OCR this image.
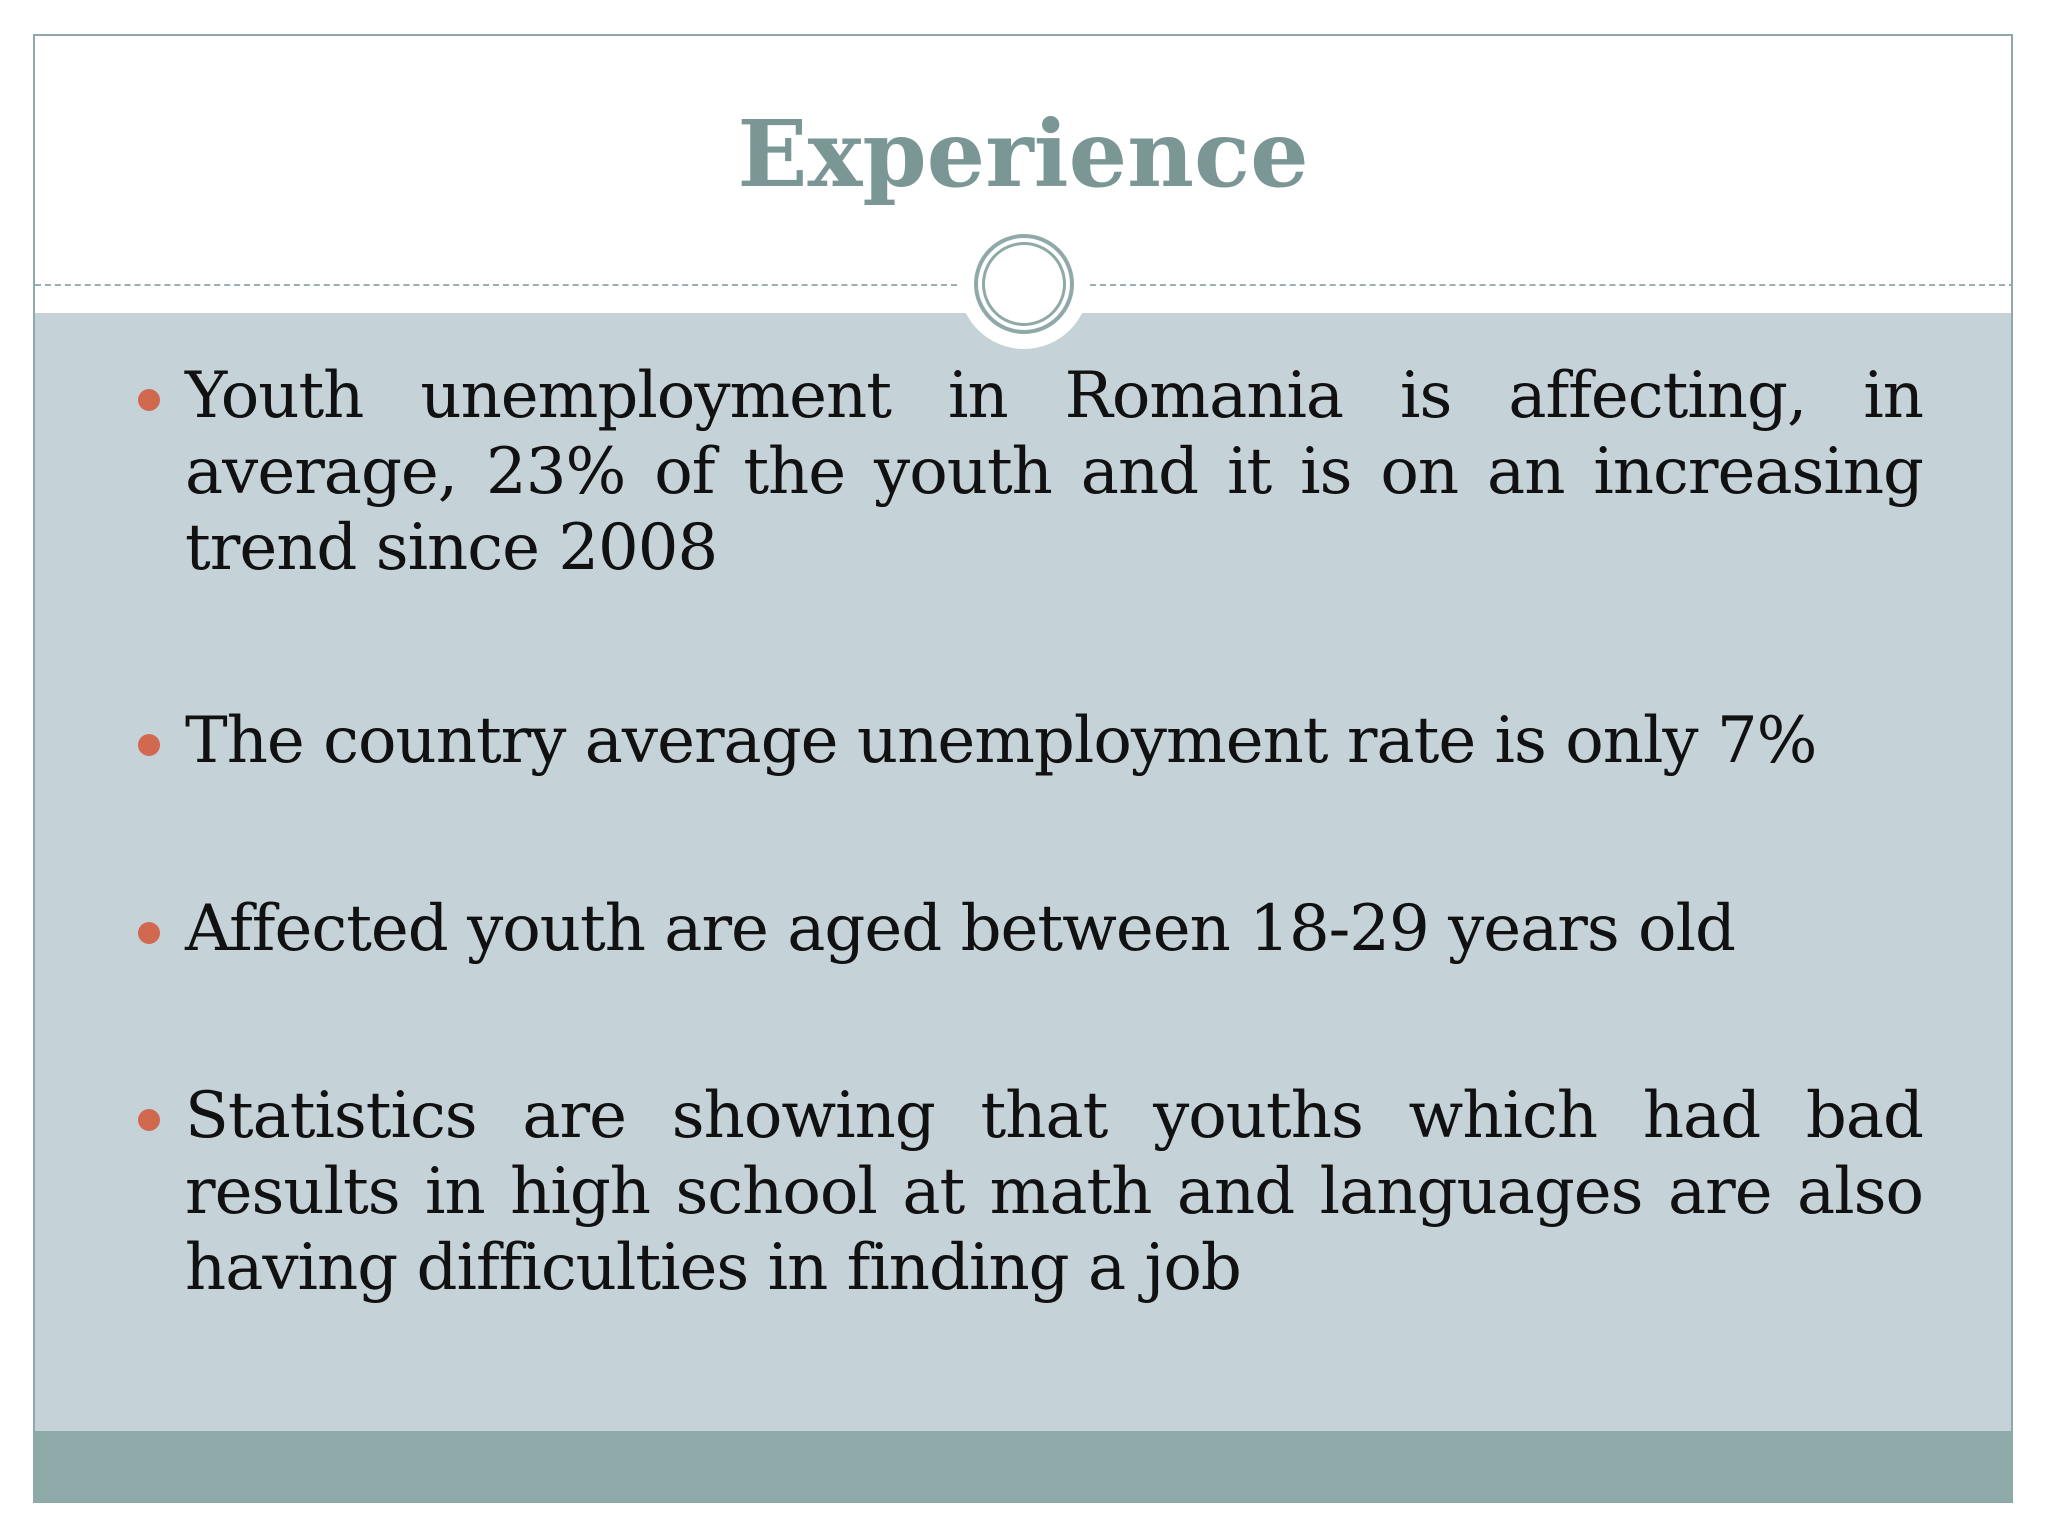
Experience
Youth unemployment in Romania is affecting, in average, 23% of the youth and it is on an increasing trend since 2008
The country average unemployment rate is only 7%
Affected youth are aged between 18-29 years old
Statistics are showing that youths which had bad results in high school at math and languages are also having difficulties in finding a job
